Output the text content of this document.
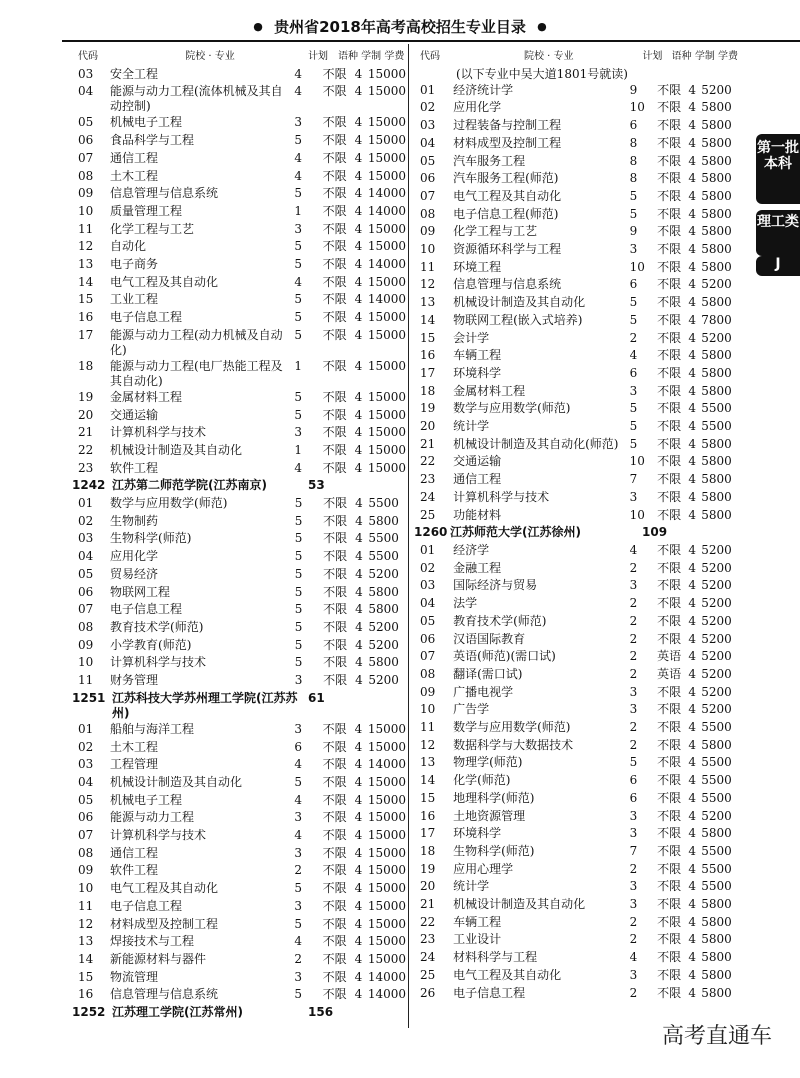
● 贵州省2018年高考高校招生专业目录 ●
代码	院校 · 专业	计划	语种 学制 学费
03	安全工程	4	不限 4 15000
04	能源与动力工程(流体机械及其自动控制)
4	不限 4 15000
05	机械电子工程	3	不限 4 15000
06	食品科学与工程	5	不限 4 15000
07	通信工程	4	不限 4 15000
08	土木工程	4	不限 4 15000
09	信息管理与信息系统	5	不限 4 14000
10	质量管理工程	1	不限 4 14000
11	化学工程与工艺	3	不限 4 15000
12	自动化	5	不限 4 15000
13	电子商务	5	不限 4 14000
14	电气工程及其自动化	4	不限 4 15000
15	工业工程	5	不限 4 14000
16	电子信息工程	5	不限 4 15000
17	能源与动力工程(动力机械及自动化)
5	不限 4 15000
18	能源与动力工程(电厂热能工程及其自动化)
1	不限 4 15000
19	金属材料工程	5	不限 4 15000
20	交通运输	5	不限 4 15000
21	计算机科学与技术	3	不限 4 15000
22	机械设计制造及其自动化	1	不限 4 15000
23	软件工程	4	不限 4 15000
1242 江苏第二师范学院(江苏南京)	53
01	数学与应用数学(师范)	5	不限 4 5500
02	生物制药	5	不限 4 5800
03	生物科学(师范)	5	不限 4 5500
04	应用化学	5	不限 4 5500
05	贸易经济	5	不限 4 5200
06	物联网工程	5	不限 4 5800
07	电子信息工程	5	不限 4 5800
08	教育技术学(师范)	5	不限 4 5200
09	小学教育(师范)	5	不限 4 5200
10	计算机科学与技术	5	不限 4 5800
11	财务管理	3	不限 4 5200
1251 江苏科技大学苏州理工学院(江苏苏州)
61
01	船舶与海洋工程	3	不限 4 15000
02	土木工程	6	不限 4 15000
03	工程管理	4	不限 4 14000
04	机械设计制造及其自动化	5	不限 4 15000
05	机械电子工程	4	不限 4 15000
06	能源与动力工程	3	不限 4 15000
07	计算机科学与技术	4	不限 4 15000
08	通信工程	3	不限 4 15000
09	软件工程	2	不限 4 15000
10	电气工程及其自动化	5	不限 4 15000
11	电子信息工程	3	不限 4 15000
12	材料成型及控制工程	5	不限 4 15000
13	焊接技术与工程	4	不限 4 15000
14	新能源材料与器件	2	不限 4 15000
15	物流管理	3	不限 4 14000
16	信息管理与信息系统	5	不限 4 14000
1252 江苏理工学院(江苏常州)	156
代码	院校 · 专业	计划 语种 学制 学费
(以下专业中吴大道1801号就读)
01	经济统计学	9	不限 4 5200
02	应用化学	10	不限 4 5800
03	过程装备与控制工程	6	不限 4 5800
04	材料成型及控制工程	8	不限 4 5800
05	汽车服务工程	8	不限 4 5800
06	汽车服务工程(师范)	8	不限 4 5800
07	电气工程及其自动化	5	不限 4 5800
08	电子信息工程(师范)	5	不限 4 5800
09	化学工程与工艺	9	不限 4 5800
10	资源循环科学与工程	3	不限 4 5800
11	环境工程	10	不限 4 5800
12	信息管理与信息系统	6	不限 4 5200
13	机械设计制造及其自动化	5	不限 4 5800
14	物联网工程(嵌入式培养)	5	不限 4 7800
15	会计学	2	不限 4 5200
16	车辆工程	4	不限 4 5800
17	环境科学	6	不限 4 5800
18	金属材料工程	3	不限 4 5800
19	数学与应用数学(师范)	5	不限 4 5500
20	统计学	5	不限 4 5500
21	机械设计制造及其自动化(师范) 5	不限 4 5800
22	交通运输	10	不限 4 5800
23	通信工程	7	不限 4 5800
24	计算机科学与技术	3	不限 4 5800
25	功能材料	10	不限 4 5800
1260 江苏师范大学(江苏徐州)	109
01	经济学	4	不限 4 5200
02	金融工程	2	不限 4 5200
03	国际经济与贸易	3	不限 4 5200
04	法学	2	不限 4 5200
05	教育技术学(师范)	2	不限 4 5200
06	汉语国际教育	2	不限 4 5200
07	英语(师范)(需口试)	2	英语 4 5200
08	翻译(需口试)	2	英语 4 5200
09	广播电视学	3	不限 4 5200
10	广告学	3	不限 4 5200
11	数学与应用数学(师范)	2	不限 4 5500
12	数据科学与大数据技术	2	不限 4 5800
13	物理学(师范)	5	不限 4 5500
14	化学(师范)	6	不限 4 5500
15	地理科学(师范)	6	不限 4 5500
16	土地资源管理	3	不限 4 5200
17	环境科学	3	不限 4 5800
18	生物科学(师范)	7	不限 4 5500
19	应用心理学	2	不限 4 5500
20	统计学	3	不限 4 5500
21	机械设计制造及其自动化	3	不限 4 5800
22	车辆工程	2	不限 4 5800
23	工业设计	2	不限 4 5800
24	材料科学与工程	4	不限 4 5800
25	电气工程及其自动化	3	不限 4 5800
26	电子信息工程	2	不限 4 5800
第一批本科
理工类
J
高考直通车
